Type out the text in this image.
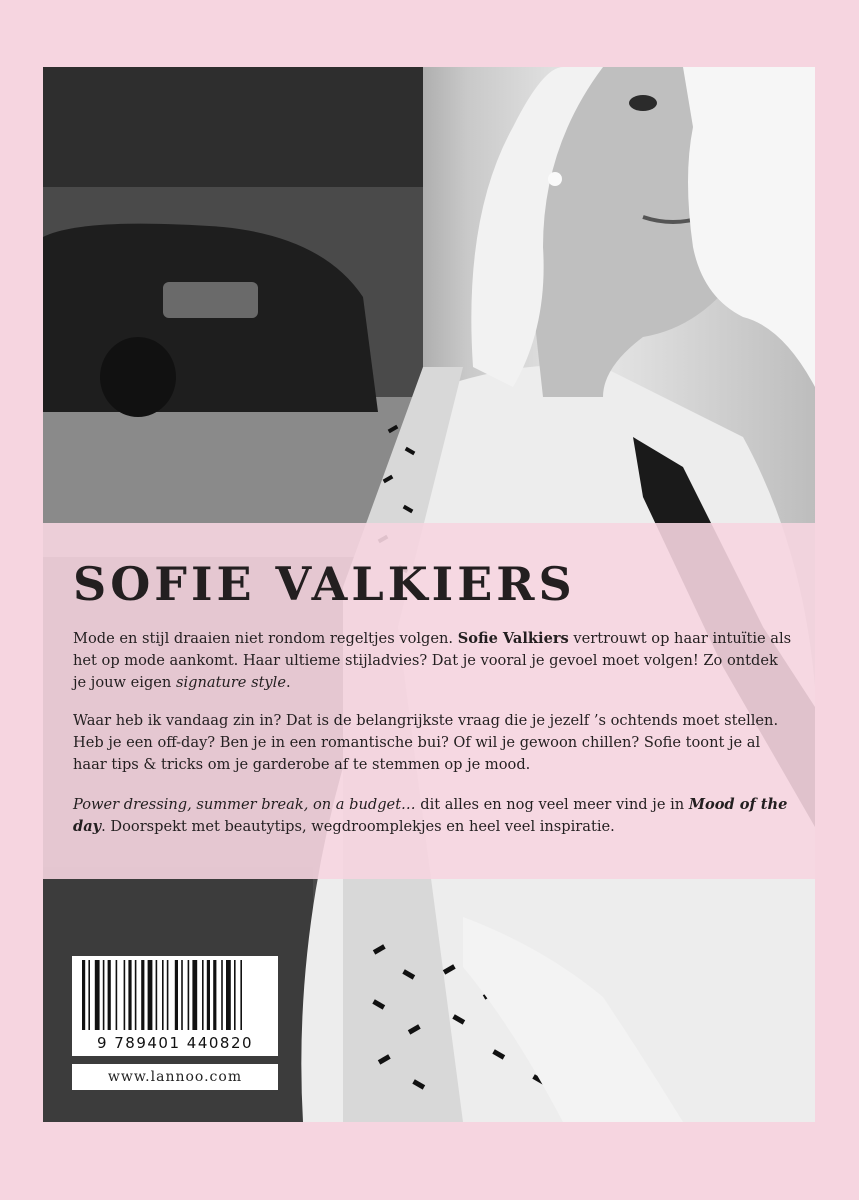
SOFIE VALKIERS

Mode en stijl draaien niet rondom regeltjes volgen. Sofie Valkiers vertrouwt op haar intuïtie als het op mode aankomt. Haar ultieme stijladvies? Dat je vooral je gevoel moet volgen! Zo ontdek je jouw eigen signature style.

Waar heb ik vandaag zin in? Dat is de belangrijkste vraag die je jezelf ’s ochtends moet stellen. Heb je een off-day? Ben je in een romantische bui? Of wil je gewoon chillen? Sofie toont je al haar tips & tricks om je garderobe af te stemmen op je mood.

Power dressing, summer break, on a budget… dit alles en nog veel meer vind je in Mood of the day. Doorspekt met beautytips, wegdroomplekjes en heel veel inspiratie.

9 789401 440820
www.lannoo.com
